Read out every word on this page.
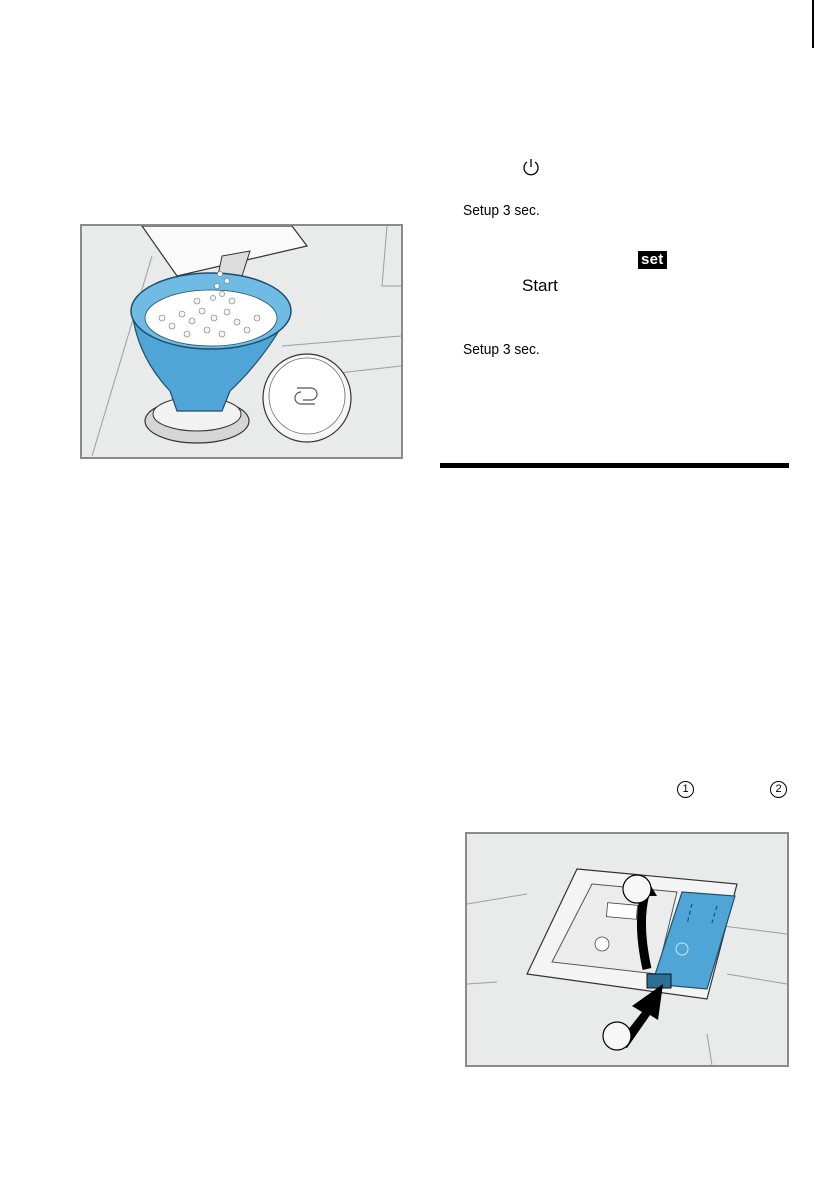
Setup 3 sec.
set
Start
Setup 3 sec.
1	2
